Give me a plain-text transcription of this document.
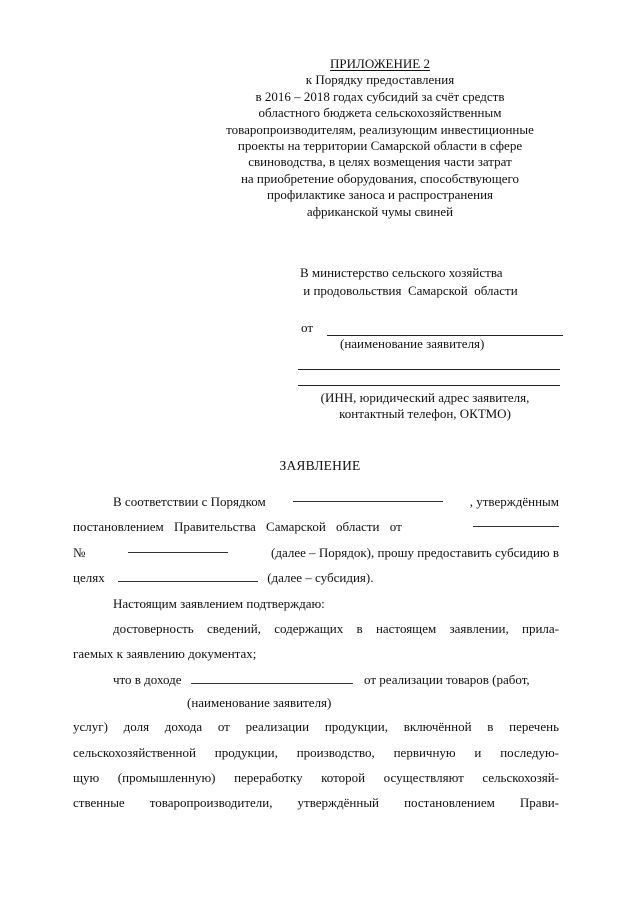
ПРИЛОЖЕНИЕ 2
к Порядку предоставления
в 2016 – 2018 годах субсидий за счёт средств
областного бюджета сельскохозяйственным
товаропроизводителям, реализующим инвестиционные
проекты на территории Самарской области в сфере
свиноводства, в целях возмещения части затрат
на приобретение оборудования, способствующего
профилактике заноса и распространения
африканской чумы свиней
В министерство сельского хозяйства
и продовольствия  Самарской  области
от
(наименование заявителя)
(ИНН, юридический адрес заявителя,
контактный телефон, ОКТМО)
ЗАЯВЛЕНИЕ
В соответствии с Порядком	, утверждённым
постановлением Правительства Самарской области от
№	(далее – Порядок), прошу предоставить субсидию в
целях	(далее – субсидия).
Настоящим заявлением подтверждаю:
достоверность сведений, содержащих в настоящем заявлении, прила-
гаемых к заявлению документах;
что в доходе	от реализации товаров (работ,
(наименование заявителя)
услуг) доля дохода от реализации продукции, включённой в перечень
сельскохозяйственной продукции, производство, первичную и последую-
щую (промышленную) переработку которой осуществляют сельскохозяй-
ственные товаропроизводители, утверждённый постановлением Прави-
